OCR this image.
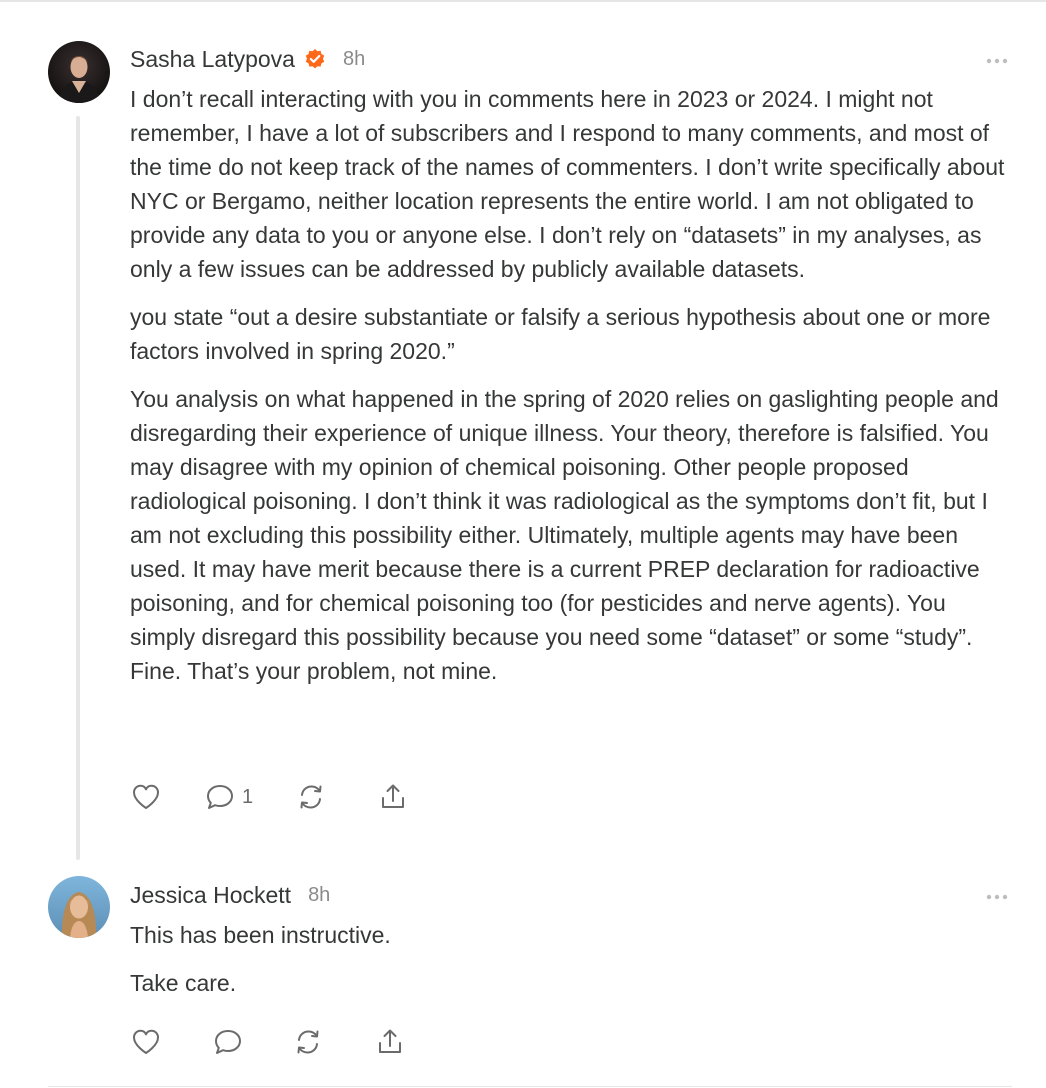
Sasha Latypova 8h

I don’t recall interacting with you in comments here in 2023 or 2024. I might not remember, I have a lot of subscribers and I respond to many comments, and most of the time do not keep track of the names of commenters. I don’t write specifically about NYC or Bergamo, neither location represents the entire world. I am not obligated to provide any data to you or anyone else. I don’t rely on “datasets” in my analyses, as only a few issues can be addressed by publicly available datasets.

you state “out a desire substantiate or falsify a serious hypothesis about one or more factors involved in spring 2020.”

You analysis on what happened in the spring of 2020 relies on gaslighting people and disregarding their experience of unique illness. Your theory, therefore is falsified. You may disagree with my opinion of chemical poisoning. Other people proposed radiological poisoning. I don’t think it was radiological as the symptoms don’t fit, but I am not excluding this possibility either. Ultimately, multiple agents may have been used. It may have merit because there is a current PREP declaration for radioactive poisoning, and for chemical poisoning too (for pesticides and nerve agents). You simply disregard this possibility because you need some “dataset” or some “study”. Fine. That’s your problem, not mine.

1
Jessica Hockett 8h

This has been instructive.

Take care.
